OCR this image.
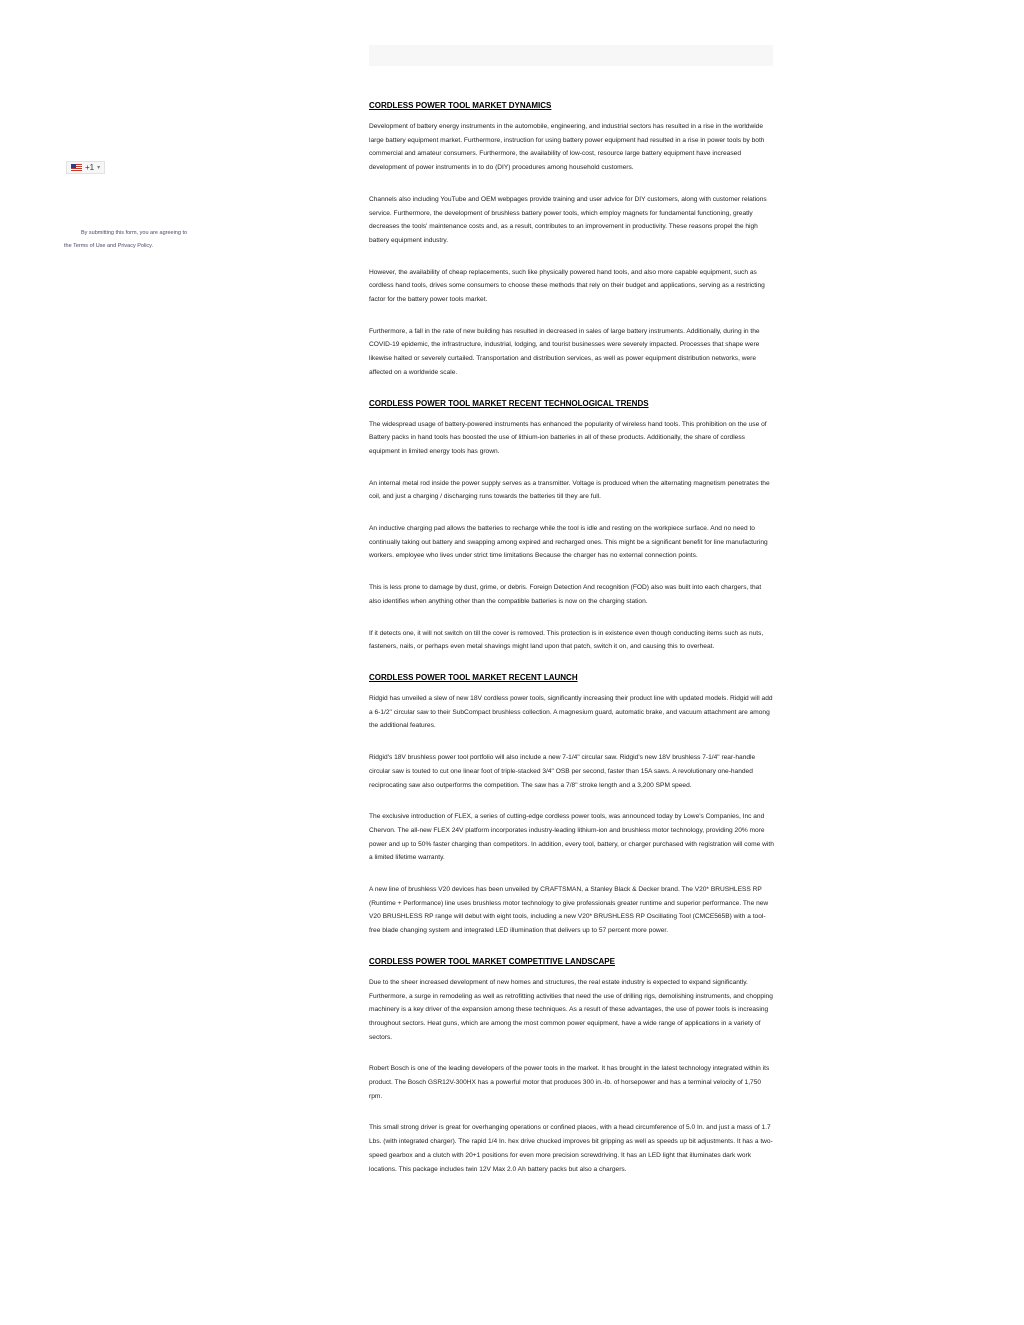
+1 ▾
By submitting this form, you are agreeing to
the Terms of Use and Privacy Policy.
CORDLESS POWER TOOL MARKET DYNAMICS

Development of battery energy instruments in the automobile, engineering, and industrial sectors has resulted in a rise in the worldwide large battery equipment market. Furthermore, instruction for using battery power equipment had resulted in a rise in power tools by both commercial and amateur consumers. Furthermore, the availability of low-cost, resource large battery equipment have increased development of power instruments in to do (DIY) procedures among household customers.

Channels also including YouTube and OEM webpages provide training and user advice for DIY customers, along with customer relations service. Furthermore, the development of brushless battery power tools, which employ magnets for fundamental functioning, greatly decreases the tools' maintenance costs and, as a result, contributes to an improvement in productivity. These reasons propel the high battery equipment industry.

However, the availability of cheap replacements, such like physically powered hand tools, and also more capable equipment, such as cordless hand tools, drives some consumers to choose these methods that rely on their budget and applications, serving as a restricting factor for the battery power tools market.

Furthermore, a fall in the rate of new building has resulted in decreased in sales of large battery instruments. Additionally, during in the COVID-19 epidemic, the infrastructure, industrial, lodging, and tourist businesses were severely impacted. Processes that shape were likewise halted or severely curtailed. Transportation and distribution services, as well as power equipment distribution networks, were affected on a worldwide scale.

CORDLESS POWER TOOL MARKET RECENT TECHNOLOGICAL TRENDS

The widespread usage of battery-powered instruments has enhanced the popularity of wireless hand tools. This prohibition on the use of Battery packs in hand tools has boosted the use of lithium-ion batteries in all of these products. Additionally, the share of cordless equipment in limited energy tools has grown.

An internal metal rod inside the power supply serves as a transmitter. Voltage is produced when the alternating magnetism penetrates the coil, and just a charging / discharging runs towards the batteries till they are full.

An inductive charging pad allows the batteries to recharge while the tool is idle and resting on the workpiece surface. And no need to continually taking out battery and swapping among expired and recharged ones. This might be a significant benefit for line manufacturing workers. employee who lives under strict time limitations Because the charger has no external connection points.

This is less prone to damage by dust, grime, or debris. Foreign Detection And recognition (FOD) also was built into each chargers, that also identifies when anything other than the compatible batteries is now on the charging station.

If it detects one, it will not switch on till the cover is removed. This protection is in existence even though conducting items such as nuts, fasteners, nails, or perhaps even metal shavings might land upon that patch, switch it on, and causing this to overheat.

CORDLESS POWER TOOL MARKET RECENT LAUNCH

Ridgid has unveiled a slew of new 18V cordless power tools, significantly increasing their product line with updated models. Ridgid will add a 6-1/2" circular saw to their SubCompact brushless collection. A magnesium guard, automatic brake, and vacuum attachment are among the additional features.

Ridgid's 18V brushless power tool portfolio will also include a new 7-1/4" circular saw. Ridgid's new 18V brushless 7-1/4" rear-handle circular saw is touted to cut one linear foot of triple-stacked 3/4" OSB per second, faster than 15A saws. A revolutionary one-handed reciprocating saw also outperforms the competition. The saw has a 7/8" stroke length and a 3,200 SPM speed.

The exclusive introduction of FLEX, a series of cutting-edge cordless power tools, was announced today by Lowe's Companies, Inc and Chervon. The all-new FLEX 24V platform incorporates industry-leading lithium-ion and brushless motor technology, providing 20% more power and up to 50% faster charging than competitors. In addition, every tool, battery, or charger purchased with registration will come with a limited lifetime warranty.

A new line of brushless V20 devices has been unveiled by CRAFTSMAN, a Stanley Black & Decker brand. The V20* BRUSHLESS RP (Runtime + Performance) line uses brushless motor technology to give professionals greater runtime and superior performance. The new V20 BRUSHLESS RP range will debut with eight tools, including a new V20* BRUSHLESS RP Oscillating Tool (CMCE565B) with a tool-free blade changing system and integrated LED illumination that delivers up to 57 percent more power.

CORDLESS POWER TOOL MARKET COMPETITIVE LANDSCAPE

Due to the sheer increased development of new homes and structures, the real estate industry is expected to expand significantly. Furthermore, a surge in remodeling as well as retrofitting activities that need the use of drilling rigs, demolishing instruments, and chopping machinery is a key driver of the expansion among these techniques. As a result of these advantages, the use of power tools is increasing throughout sectors. Heat guns, which are among the most common power equipment, have a wide range of applications in a variety of sectors.

Robert Bosch is one of the leading developers of the power tools in the market. It has brought in the latest technology integrated within its product. The Bosch GSR12V-300HX has a powerful motor that produces 300 in.-lb. of horsepower and has a terminal velocity of 1,750 rpm.

This small strong driver is great for overhanging operations or confined places, with a head circumference of 5.0 In. and just a mass of 1.7 Lbs. (with integrated charger). The rapid 1/4 In. hex drive chucked improves bit gripping as well as speeds up bit adjustments. It has a two-speed gearbox and a clutch with 20+1 positions for even more precision screwdriving. It has an LED light that illuminates dark work locations. This package includes twin 12V Max 2.0 Ah battery packs but also a chargers.
